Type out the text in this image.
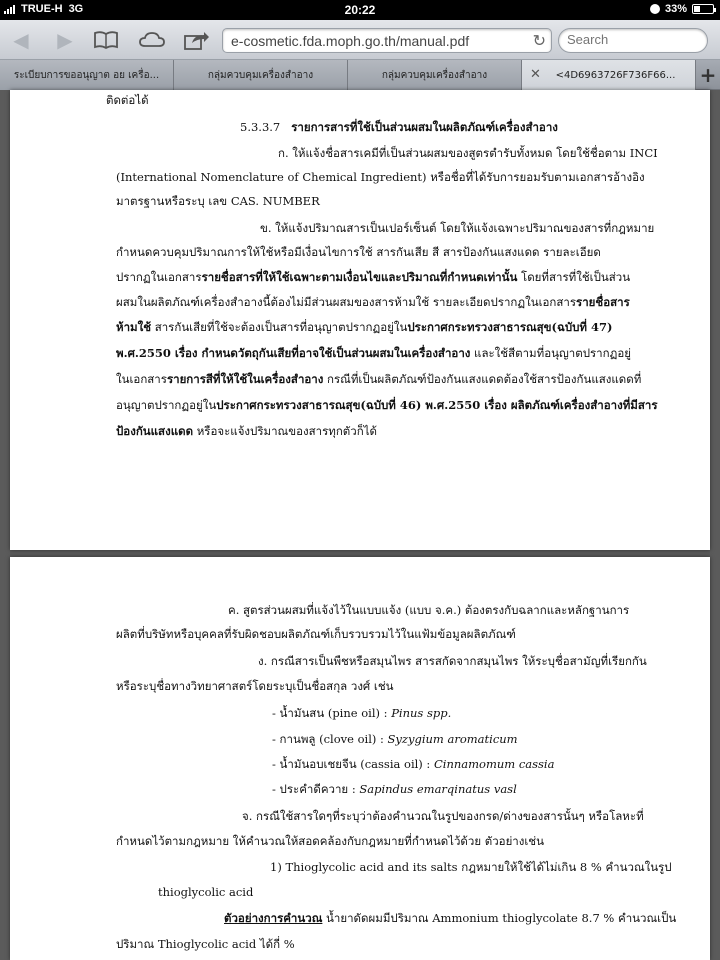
TRUE-H 3G	20:22	33%
◀ ▶	e-cosmetic.fda.moph.go.th/manual.pdf	↻
Search
ระเบียบการขออนุญาต อย เครื่อ...	กลุ่มควบคุมเครื่องสำอาง	กลุ่มควบคุมเครื่องสำอาง	✕	<4D6963726F736F66... +
ติดต่อได้
5.3.3.7 รายการสารที่ใช้เป็นส่วนผสมในผลิตภัณฑ์เครื่องสำอาง
ก. ให้แจ้งชื่อสารเคมีที่เป็นส่วนผสมของสูตรตำรับทั้งหมด โดยใช้ชื่อตาม INCI
(International Nomenclature of Chemical Ingredient) หรือชื่อที่ได้รับการยอมรับตามเอกสารอ้างอิง
มาตรฐานหรือระบุ เลข CAS. NUMBER
ข. ให้แจ้งปริมาณสารเป็นเปอร์เซ็นต์ โดยให้แจ้งเฉพาะปริมาณของสารที่กฎหมาย
กำหนดควบคุมปริมาณการให้ใช้หรือมีเงื่อนไขการใช้ สารกันเสีย สี สารป้องกันแสงแดด รายละเอียด
ปรากฏในเอกสารรายชื่อสารที่ให้ใช้เฉพาะตามเงื่อนไขและปริมาณที่กำหนดเท่านั้น โดยที่สารที่ใช้เป็นส่วน
ผสมในผลิตภัณฑ์เครื่องสำอางนี้ต้องไม่มีส่วนผสมของสารห้ามใช้ รายละเอียดปรากฏในเอกสารรายชื่อสาร
ห้ามใช้ สารกันเสียที่ใช้จะต้องเป็นสารที่อนุญาตปรากฏอยู่ในประกาศกระทรวงสาธารณสุข(ฉบับที่ 47)
พ.ศ.2550 เรื่อง กำหนดวัตถุกันเสียที่อาจใช้เป็นส่วนผสมในเครื่องสำอาง และใช้สีตามที่อนุญาตปรากฏอยู่
ในเอกสารรายการสีที่ให้ใช้ในเครื่องสำอาง กรณีที่เป็นผลิตภัณฑ์ป้องกันแสงแดดต้องใช้สารป้องกันแสงแดดที่
อนุญาตปรากฏอยู่ในประกาศกระทรวงสาธารณสุข(ฉบับที่ 46) พ.ศ.2550 เรื่อง ผลิตภัณฑ์เครื่องสำอางที่มีสาร
ป้องกันแสงแดด หรือจะแจ้งปริมาณของสารทุกตัวก็ได้
ค. สูตรส่วนผสมที่แจ้งไว้ในแบบแจ้ง (แบบ จ.ค.) ต้องตรงกับฉลากและหลักฐานการ
ผลิตที่บริษัทหรือบุคคลที่รับผิดชอบผลิตภัณฑ์เก็บรวบรวมไว้ในแฟ้มข้อมูลผลิตภัณฑ์
ง. กรณีสารเป็นพืชหรือสมุนไพร สารสกัดจากสมุนไพร ให้ระบุชื่อสามัญที่เรียกกัน
หรือระบุชื่อทางวิทยาศาสตร์โดยระบุเป็นชื่อสกุล วงศ์ เช่น
- น้ำมันสน (pine oil) : Pinus spp.
- กานพลู (clove oil) : Syzygium aromaticum
- น้ำมันอบเชยจีน (cassia oil) : Cinnamomum cassia
- ประคำดีควาย : Sapindus emarqinatus vasl
จ. กรณีใช้สารใดๆที่ระบุว่าต้องคำนวณในรูปของกรด/ด่างของสารนั้นๆ หรือโลหะที่
กำหนดไว้ตามกฎหมาย ให้คำนวณให้สอดคล้องกับกฎหมายที่กำหนดไว้ด้วย ตัวอย่างเช่น
1) Thioglycolic acid and its salts กฎหมายให้ใช้ได้ไม่เกิน 8 % คำนวณในรูป
thioglycolic acid
ตัวอย่างการคำนวณ น้ำยาดัดผมมีปริมาณ Ammonium thioglycolate 8.7 % คำนวณเป็น
ปริมาณ Thioglycolic acid ได้กี่ %
